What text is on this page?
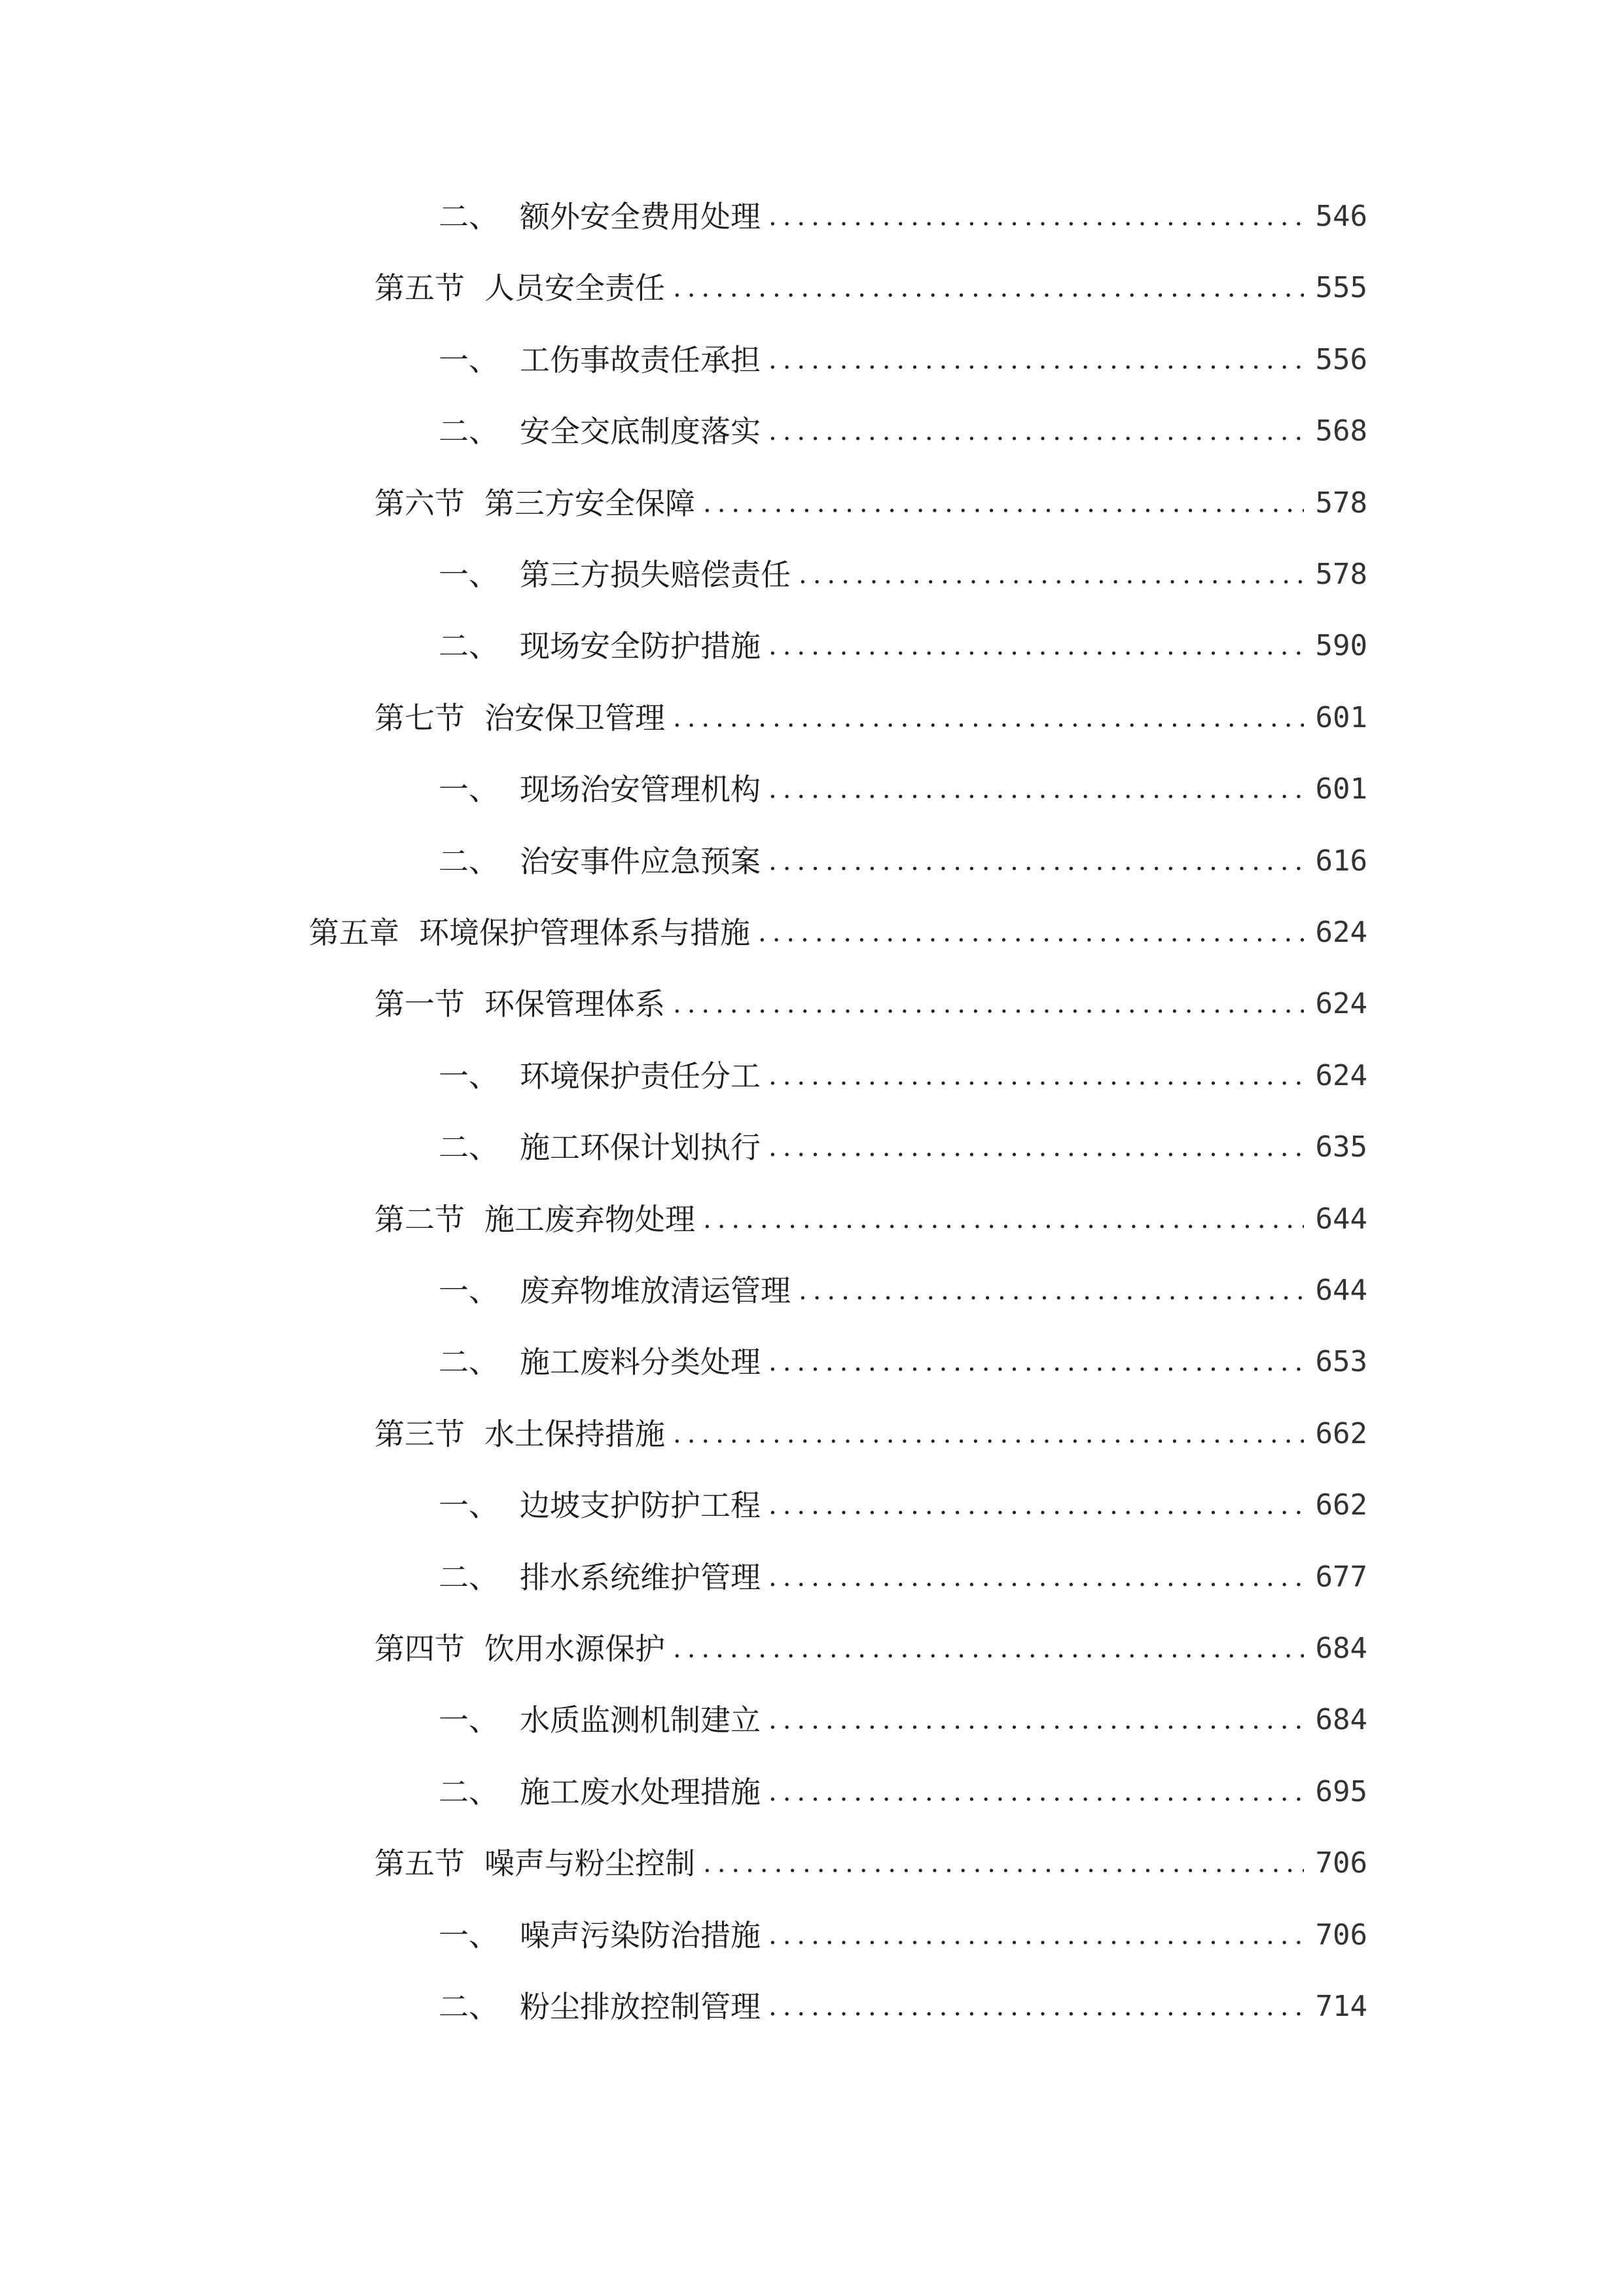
二、 额外安全费用处理 .....	546
第五节 人员安全责任 .....	555
一、 工伤事故责任承担 .....	556
二、 安全交底制度落实 .....	568
第六节 第三方安全保障 .....	578
一、 第三方损失赔偿责任 .....	578
二、 现场安全防护措施 .....	590
第七节 治安保卫管理 .....	601
一、 现场治安管理机构 .....	601
二、 治安事件应急预案 .....	616
第五章 环境保护管理体系与措施 .....	624
第一节 环保管理体系 .....	624
一、 环境保护责任分工 .....	624
二、 施工环保计划执行 .....	635
第二节 施工废弃物处理 .....	644
一、 废弃物堆放清运管理 .....	644
二、 施工废料分类处理 .....	653
第三节 水土保持措施 .....	662
一、 边坡支护防护工程 .....	662
二、 排水系统维护管理 .....	677
第四节 饮用水源保护 .....	684
一、 水质监测机制建立 .....	684
二、 施工废水处理措施 .....	695
第五节 噪声与粉尘控制 .....	706
一、 噪声污染防治措施 .....	706
二、 粉尘排放控制管理 .....	714
